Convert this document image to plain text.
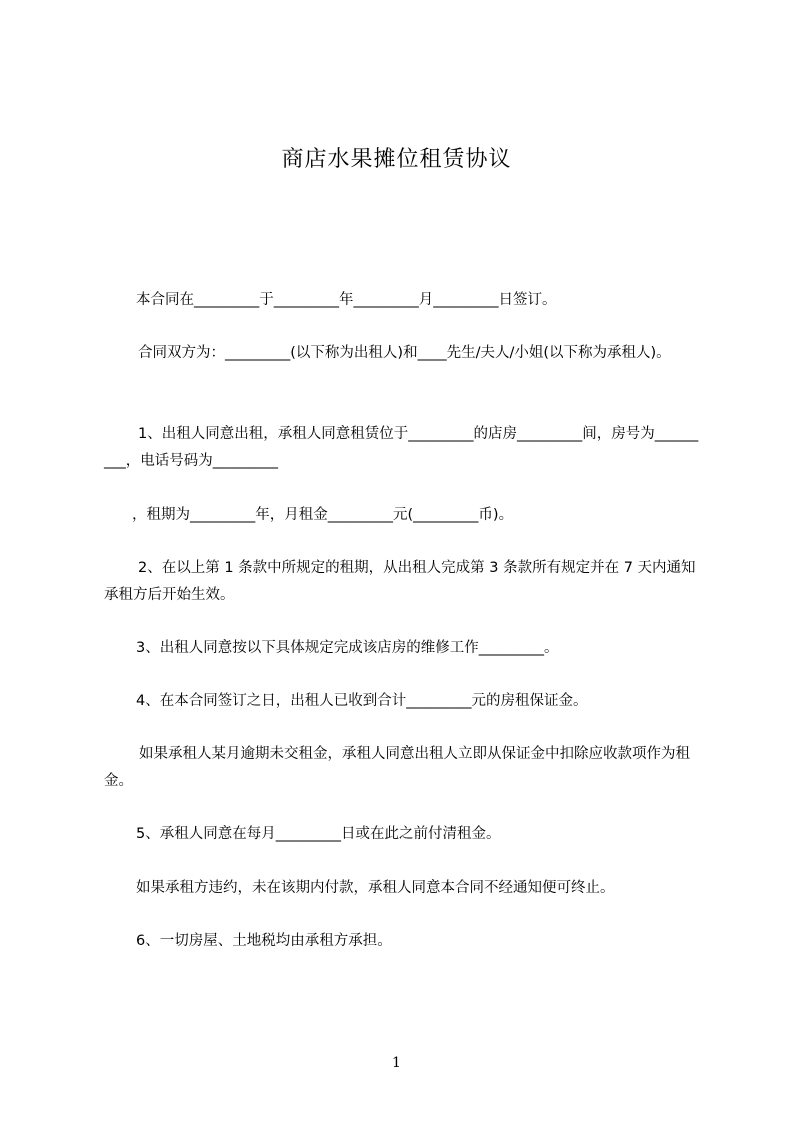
商店水果摊位租赁协议
本合同在_________于_________年_________月_________日签订。
合同双方为：_________(以下称为出租人)和____先生/夫人/小姐(以下称为承租人)。
1、出租人同意出租，承租人同意租赁位于_________的店房_________间，房号为_________，电话号码为_________
，租期为_________年，月租金_________元(_________币)。
2、在以上第 1 条款中所规定的租期，从出租人完成第 3 条款所有规定并在 7 天内通知承租方后开始生效。
3、出租人同意按以下具体规定完成该店房的维修工作_________。
4、在本合同签订之日，出租人已收到合计_________元的房租保证金。
如果承租人某月逾期未交租金，承租人同意出租人立即从保证金中扣除应收款项作为租金。
5、承租人同意在每月_________日或在此之前付清租金。
如果承租方违约，未在该期内付款，承租人同意本合同不经通知便可终止。
6、一切房屋、土地税均由承租方承担。
1
